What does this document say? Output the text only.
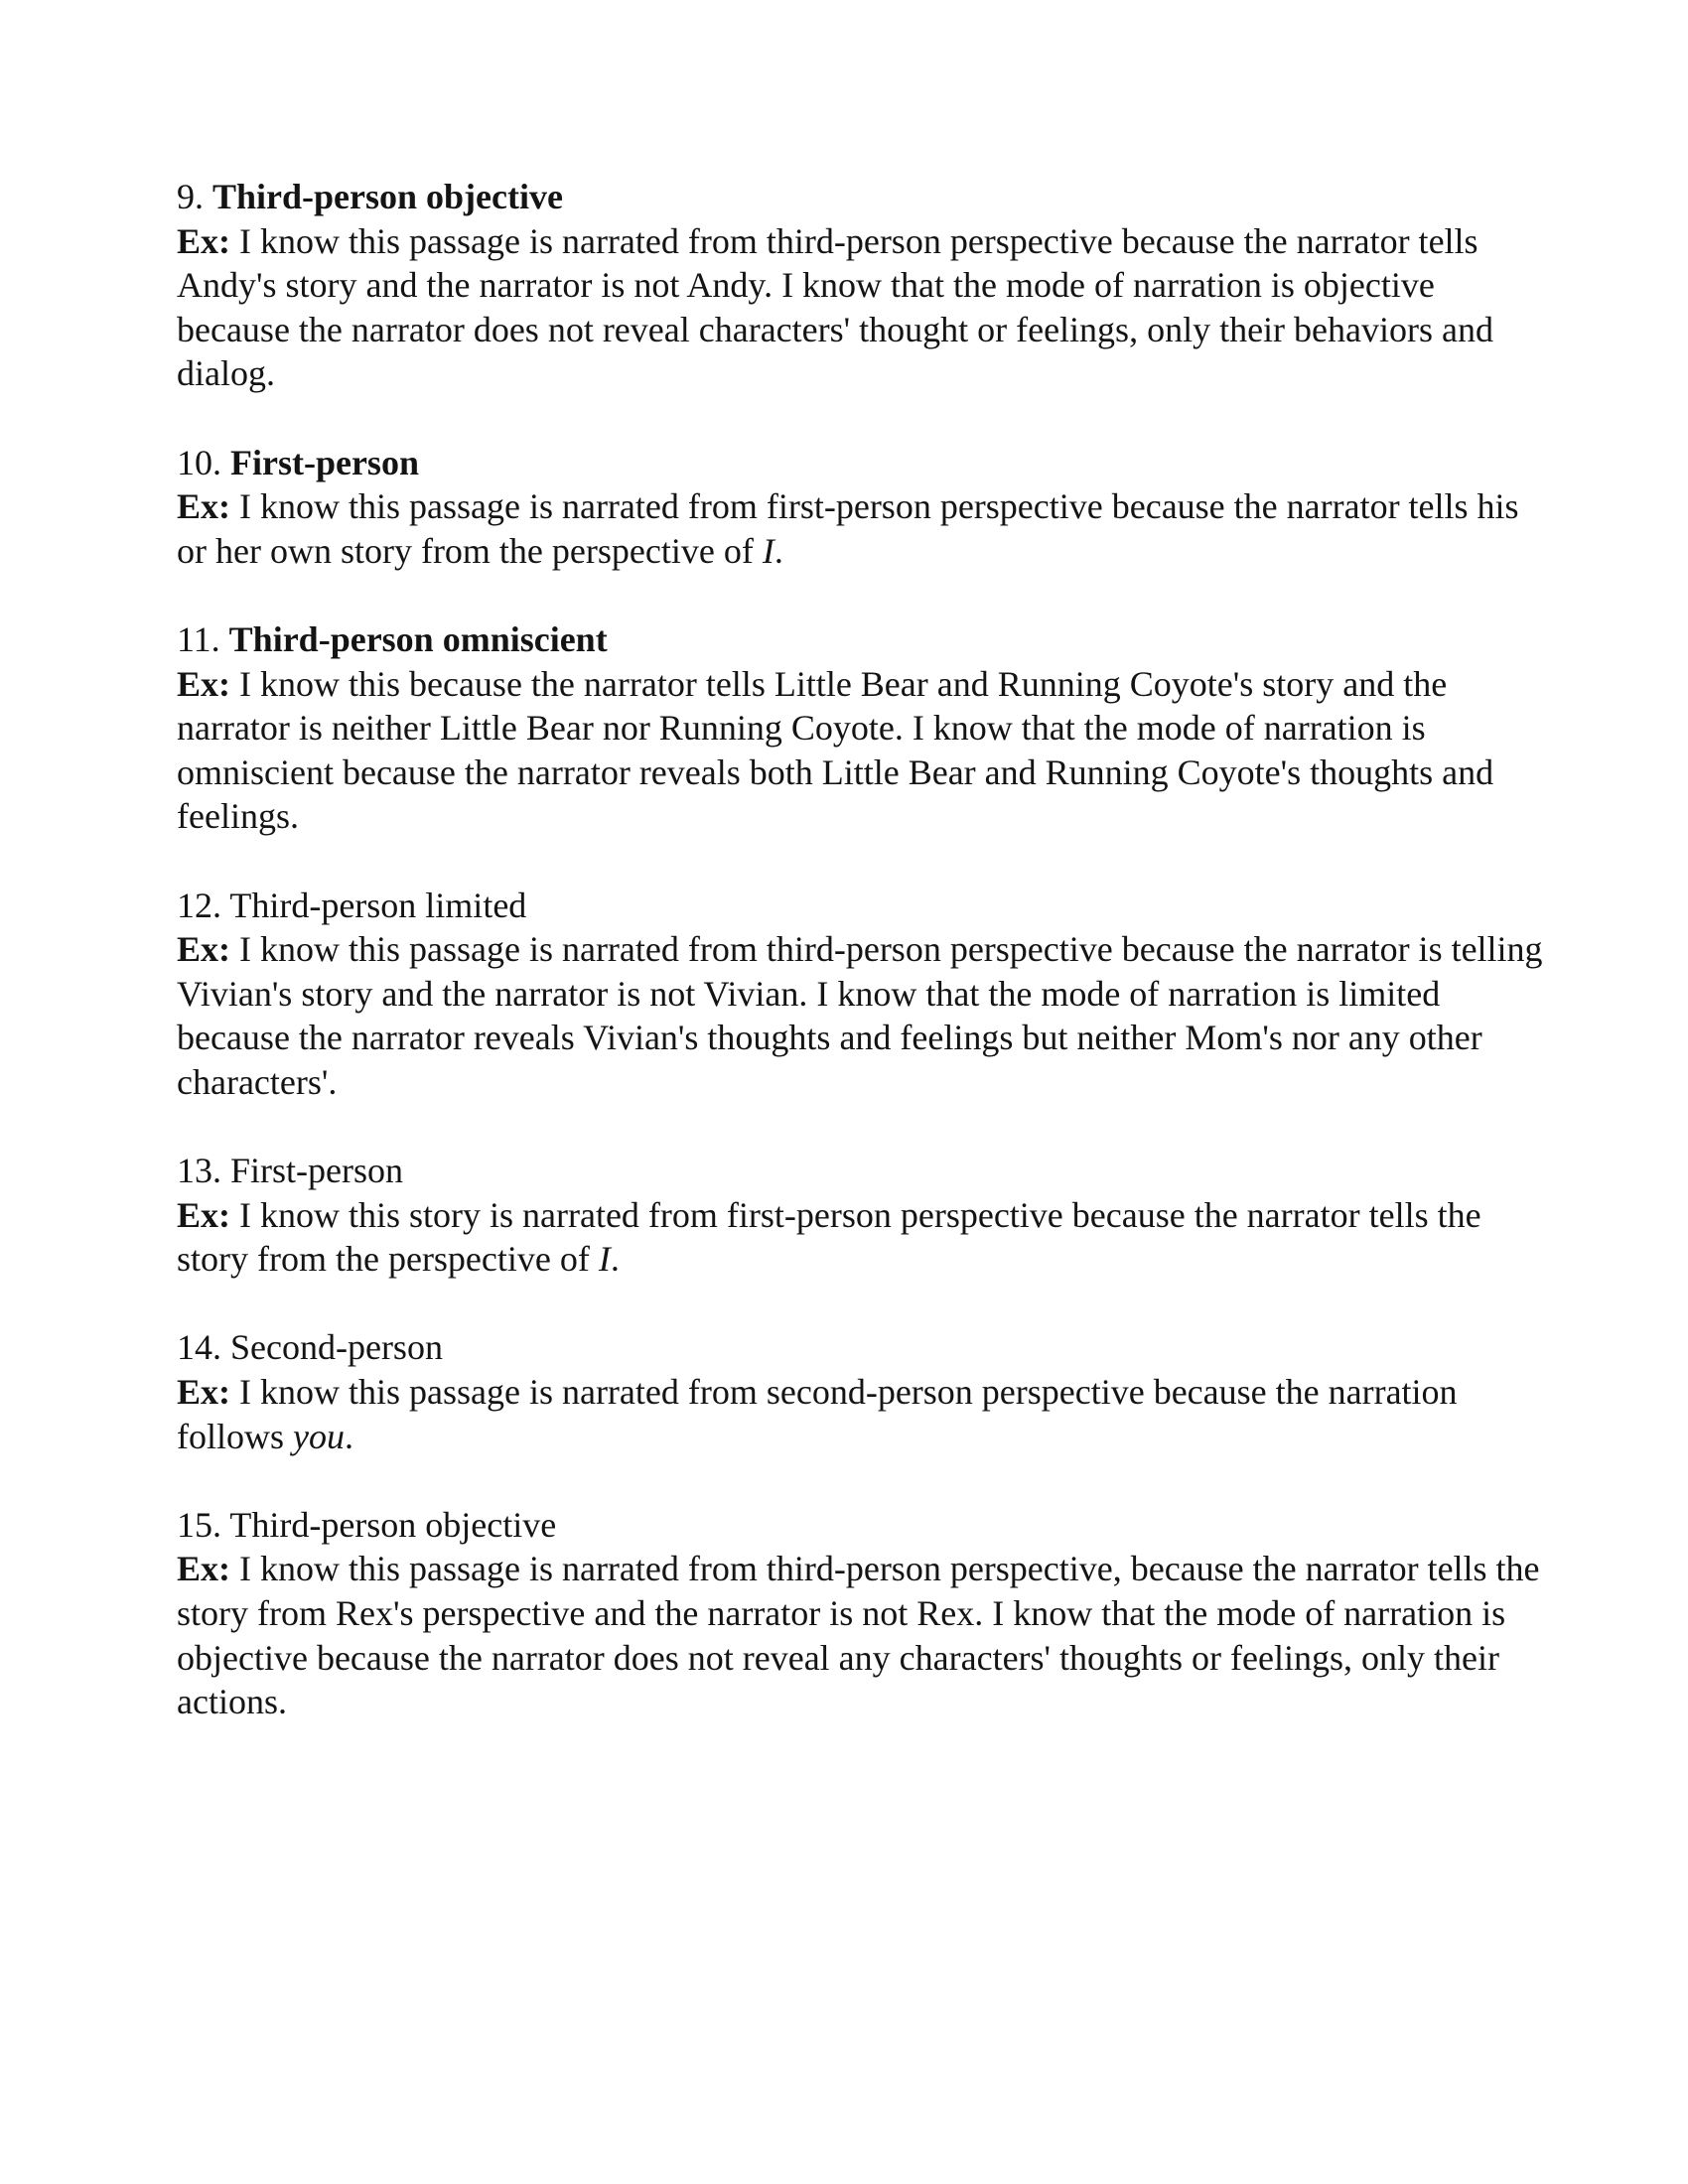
9. Third-person objective

Ex: I know this passage is narrated from third-person perspective because the narrator tells Andy's story and the narrator is not Andy. I know that the mode of narration is objective because the narrator does not reveal characters' thought or feelings, only their behaviors and dialog.

10. First-person

Ex: I know this passage is narrated from first-person perspective because the narrator tells his or her own story from the perspective of I.

11. Third-person omniscient

Ex: I know this because the narrator tells Little Bear and Running Coyote's story and the narrator is neither Little Bear nor Running Coyote. I know that the mode of narration is omniscient because the narrator reveals both Little Bear and Running Coyote's thoughts and feelings.

12. Third-person limited

Ex: I know this passage is narrated from third-person perspective because the narrator is telling Vivian's story and the narrator is not Vivian. I know that the mode of narration is limited because the narrator reveals Vivian's thoughts and feelings but neither Mom's nor any other characters'.

13. First-person

Ex: I know this story is narrated from first-person perspective because the narrator tells the story from the perspective of I.

14. Second-person

Ex: I know this passage is narrated from second-person perspective because the narration follows you.

15. Third-person objective

Ex: I know this passage is narrated from third-person perspective, because the narrator tells the story from Rex's perspective and the narrator is not Rex. I know that the mode of narration is objective because the narrator does not reveal any characters' thoughts or feelings, only their actions.
